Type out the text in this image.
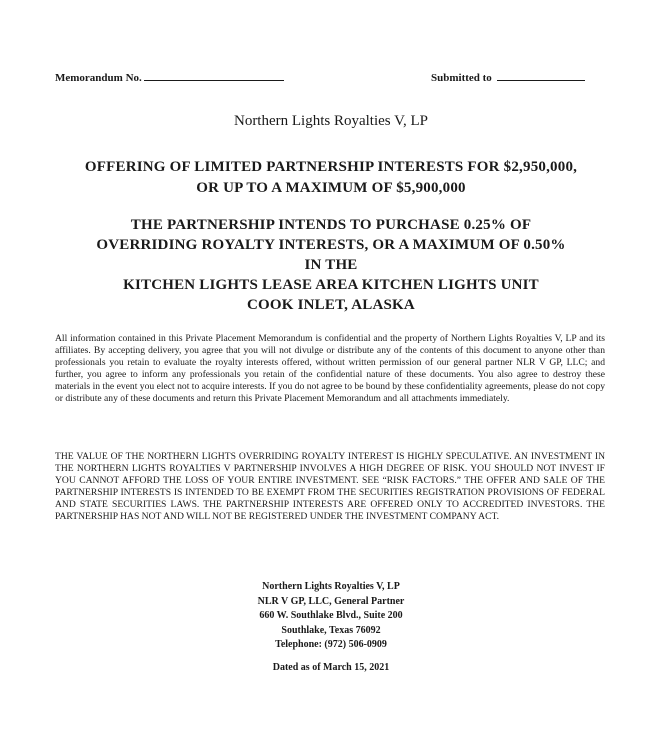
Memorandum No.	Submitted to
Northern Lights Royalties V, LP
OFFERING OF LIMITED PARTNERSHIP INTERESTS FOR $2,950,000,
OR UP TO A MAXIMUM OF $5,900,000
THE PARTNERSHIP INTENDS TO PURCHASE 0.25% OF
OVERRIDING ROYALTY INTERESTS, OR A MAXIMUM OF 0.50%
IN THE
KITCHEN LIGHTS LEASE AREA KITCHEN LIGHTS UNIT
COOK INLET, ALASKA
All information contained in this Private Placement Memorandum is confidential and the property of Northern Lights Royalties V, LP and its affiliates. By accepting delivery, you agree that you will not divulge or distribute any of the contents of this document to anyone other than professionals you retain to evaluate the royalty interests offered, without written permission of our general partner NLR V GP, LLC; and further, you agree to inform any professionals you retain of the confidential nature of these documents. You also agree to destroy these materials in the event you elect not to acquire interests. If you do not agree to be bound by these confidentiality agreements, please do not copy or distribute any of these documents and return this Private Placement Memorandum and all attachments immediately.
THE VALUE OF THE NORTHERN LIGHTS OVERRIDING ROYALTY INTEREST IS HIGHLY SPECULATIVE. AN INVESTMENT IN THE NORTHERN LIGHTS ROYALTIES V PARTNERSHIP INVOLVES A HIGH DEGREE OF RISK. YOU SHOULD NOT INVEST IF YOU CANNOT AFFORD THE LOSS OF YOUR ENTIRE INVESTMENT. SEE “RISK FACTORS.” THE OFFER AND SALE OF THE PARTNERSHIP INTERESTS IS INTENDED TO BE EXEMPT FROM THE SECURITIES REGISTRATION PROVISIONS OF FEDERAL AND STATE SECURITIES LAWS. THE PARTNERSHIP INTERESTS ARE OFFERED ONLY TO ACCREDITED INVESTORS. THE PARTNERSHIP HAS NOT AND WILL NOT BE REGISTERED UNDER THE INVESTMENT COMPANY ACT.
Northern Lights Royalties V, LP
NLR V GP, LLC, General Partner
660 W. Southlake Blvd., Suite 200
Southlake, Texas 76092
Telephone: (972) 506-0909
Dated as of March 15, 2021
